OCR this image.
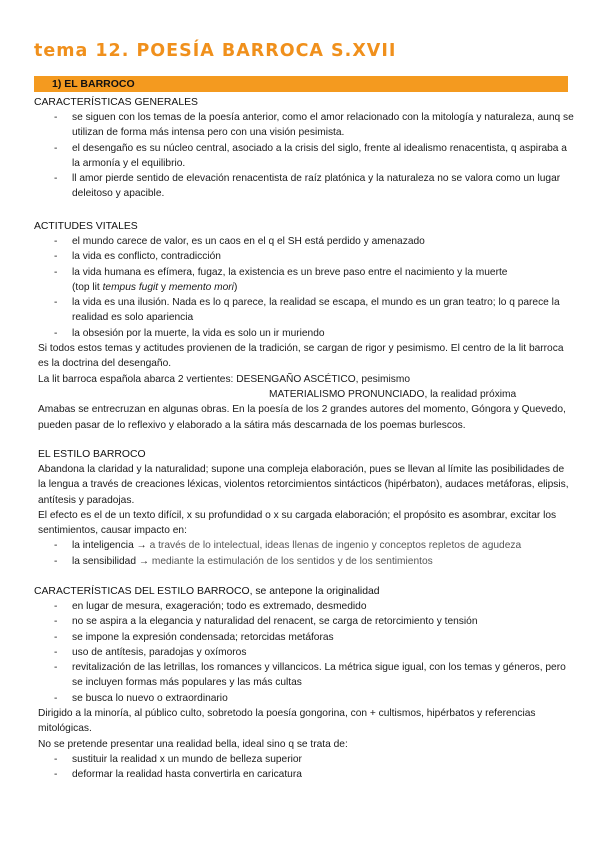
tema 12. POESÍA BARROCA S.XVII
1) EL BARROCO
CARACTERÍSTICAS GENERALES
- se siguen con los temas de la poesía anterior, como el amor relacionado con la mitología y naturaleza, aunq se utilizan de forma más intensa pero con una visión pesimista.
- el desengaño es su núcleo central, asociado a la crisis del siglo, frente al idealismo renacentista, q aspiraba a la armonía y el equilibrio.
- ll amor pierde sentido de elevación renacentista de raíz platónica y la naturaleza no se valora como un lugar deleitoso y apacible.
ACTITUDES VITALES
- el mundo carece de valor, es un caos en el q el SH está perdido y amenazado
- la vida es conflicto, contradicción
- la vida humana es efímera, fugaz, la existencia es un breve paso entre el nacimiento y la muerte
(top lit tempus fugit y memento mori)
- la vida es una ilusión. Nada es lo q parece, la realidad se escapa, el mundo es un gran teatro; lo q parece la realidad es solo apariencia
- la obsesión por la muerte, la vida es solo un ir muriendo

Si todos estos temas y actitudes provienen de la tradición, se cargan de rigor y pesimismo. El centro de la lit barroca es la doctrina del desengaño.

La lit barroca española abarca 2 vertientes: DESENGAÑO ASCÉTICO, pesimismo

MATERIALISMO PRONUNCIADO, la realidad próxima

Amabas se entrecruzan en algunas obras. En la poesía de los 2 grandes autores del momento, Góngora y Quevedo, pueden pasar de lo reflexivo y elaborado a la sátira más descarnada de los poemas burlescos.

EL ESTILO BARROCO

Abandona la claridad y la naturalidad; supone una compleja elaboración, pues se llevan al límite las posibilidades de la lengua a través de creaciones léxicas, violentos retorcimientos sintácticos (hipérbaton), audaces metáforas, elipsis, antítesis y paradojas.

El efecto es el de un texto difícil, x su profundidad o x su cargada elaboración; el propósito es asombrar, excitar los sentimientos, causar impacto en:

- la inteligencia → a través de lo intelectual, ideas llenas de ingenio y conceptos repletos de agudeza
- la sensibilidad → mediante la estimulación de los sentidos y de los sentimientos
CARACTERÍSTICAS DEL ESTILO BARROCO, se antepone la originalidad
- en lugar de mesura, exageración; todo es extremado, desmedido
- no se aspira a la elegancia y naturalidad del renacent, se carga de retorcimiento y tensión
- se impone la expresión condensada; retorcidas metáforas
- uso de antítesis, paradojas y oxímoros
- revitalización de las letrillas, los romances y villancicos. La métrica sigue igual, con los temas y géneros, pero se incluyen formas más populares y las más cultas
- se busca lo nuevo o extraordinario

Dirigido a la minoría, al público culto, sobretodo la poesía gongorina, con + cultismos, hipérbatos y referencias mitológicas.

No se pretende presentar una realidad bella, ideal sino q se trata de:

- sustituir la realidad x un mundo de belleza superior
- deformar la realidad hasta convertirla en caricatura
